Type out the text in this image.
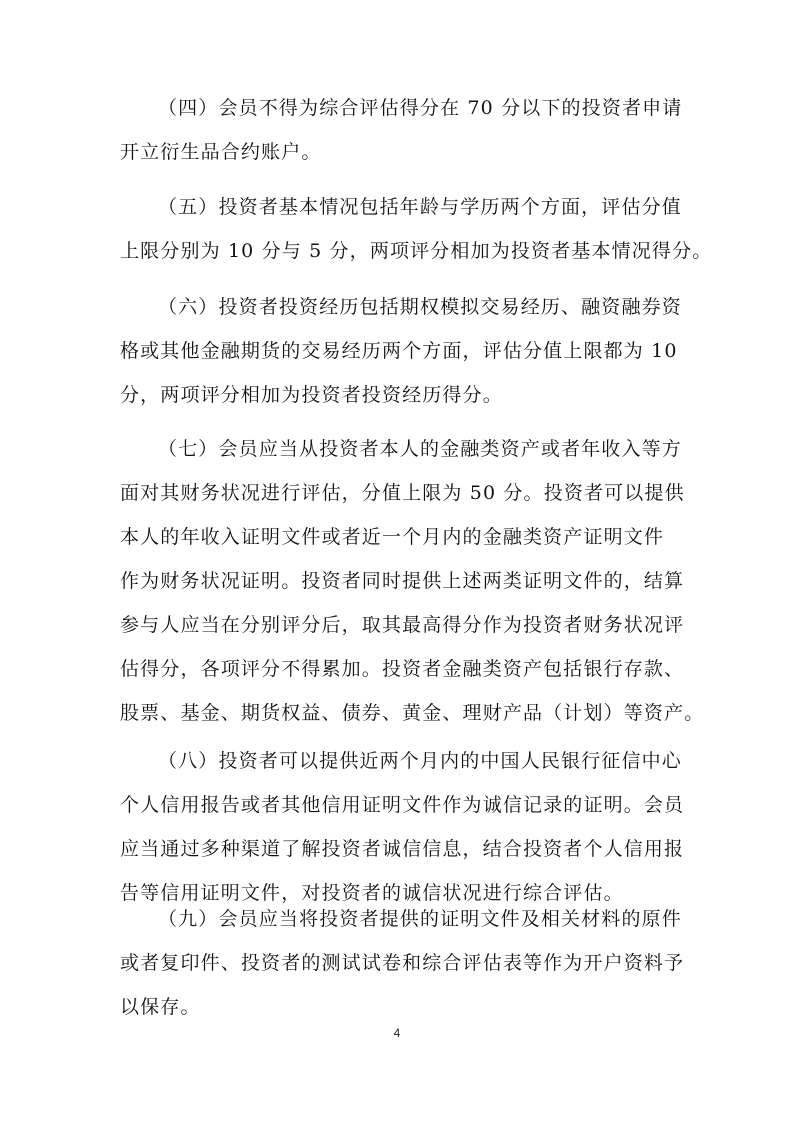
（四）会员不得为综合评估得分在 70 分以下的投资者申请
开立衍生品合约账户。
（五）投资者基本情况包括年龄与学历两个方面，评估分值
上限分别为 10 分与 5 分，两项评分相加为投资者基本情况得分。
（六）投资者投资经历包括期权模拟交易经历、融资融券资
格或其他金融期货的交易经历两个方面，评估分值上限都为 10
分，两项评分相加为投资者投资经历得分。
（七）会员应当从投资者本人的金融类资产或者年收入等方
面对其财务状况进行评估，分值上限为 50 分。投资者可以提供
本人的年收入证明文件或者近一个月内的金融类资产证明文件
作为财务状况证明。投资者同时提供上述两类证明文件的，结算
参与人应当在分别评分后，取其最高得分作为投资者财务状况评
估得分，各项评分不得累加。投资者金融类资产包括银行存款、
股票、基金、期货权益、债券、黄金、理财产品（计划）等资产。
（八）投资者可以提供近两个月内的中国人民银行征信中心
个人信用报告或者其他信用证明文件作为诚信记录的证明。会员
应当通过多种渠道了解投资者诚信信息，结合投资者个人信用报
告等信用证明文件，对投资者的诚信状况进行综合评估。
（九）会员应当将投资者提供的证明文件及相关材料的原件
或者复印件、投资者的测试试卷和综合评估表等作为开户资料予
以保存。
4
